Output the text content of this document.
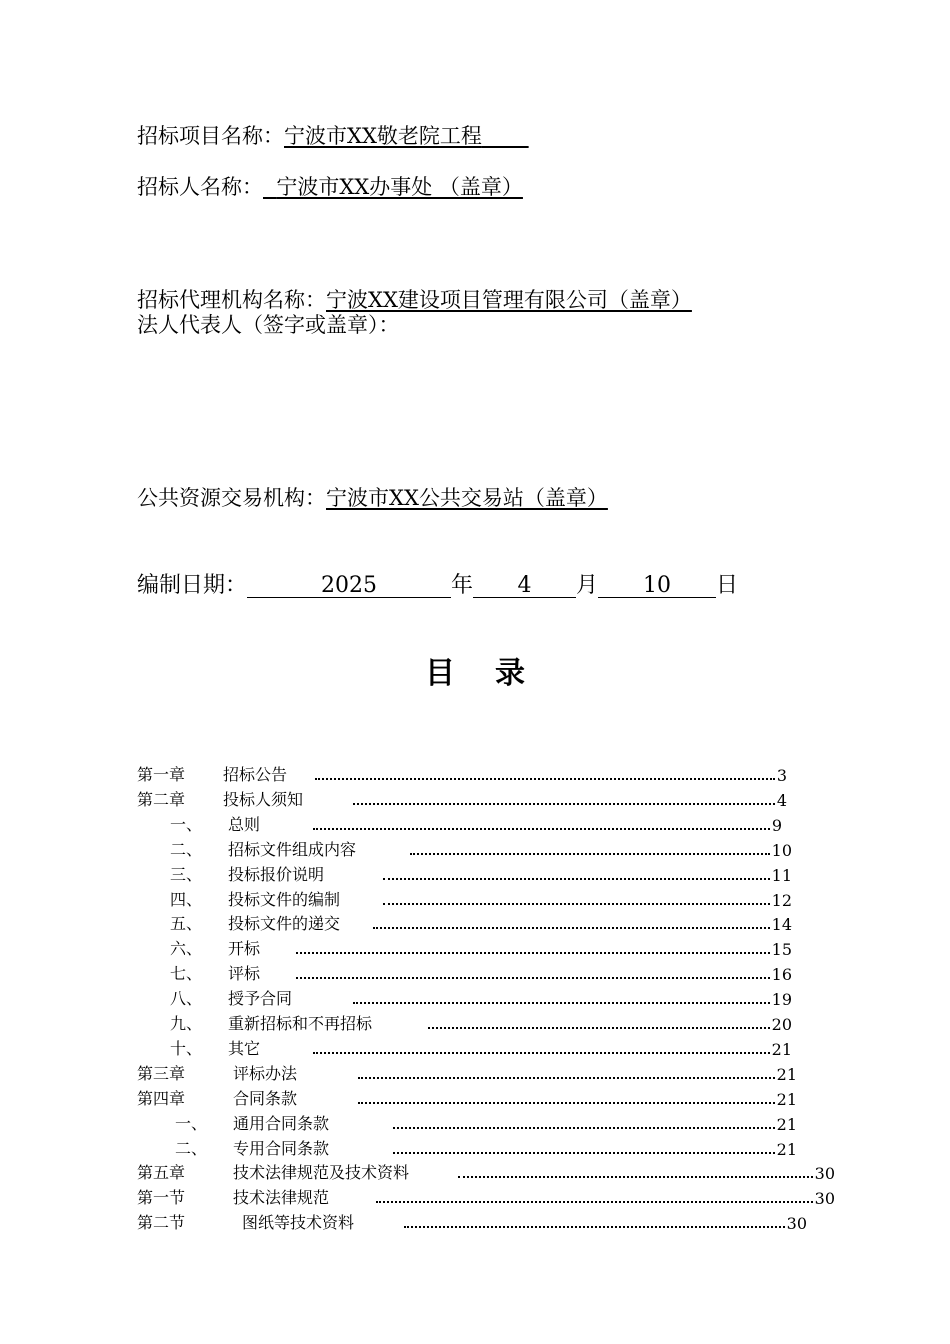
招标项目名称：宁波市XX敬老院工程
招标人名称： 宁波市XX办事处 （盖章）
招标代理机构名称：宁波XX建设项目管理有限公司（盖章）
法人代表人（签字或盖章）：
公共资源交易机构：宁波市XX公共交易站（盖章）
编制日期：	2025	年 4 月 10 日
目录
第一章	招标公告	3
第二章	投标人须知	4
一、	总则	9
二、	招标文件组成内容	10
三、	投标报价说明	11
四、	投标文件的编制	12
五、	投标文件的递交	14
六、	开标	15
七、	评标	16
八、	授予合同	19
九、	重新招标和不再招标	20
十、	其它	21
第三章	评标办法	21
第四章	合同条款	21
一、	通用合同条款	21
二、	专用合同条款	21
第五章	技术法律规范及技术资料	30
第一节	技术法律规范	30
第二节	图纸等技术资料	30
